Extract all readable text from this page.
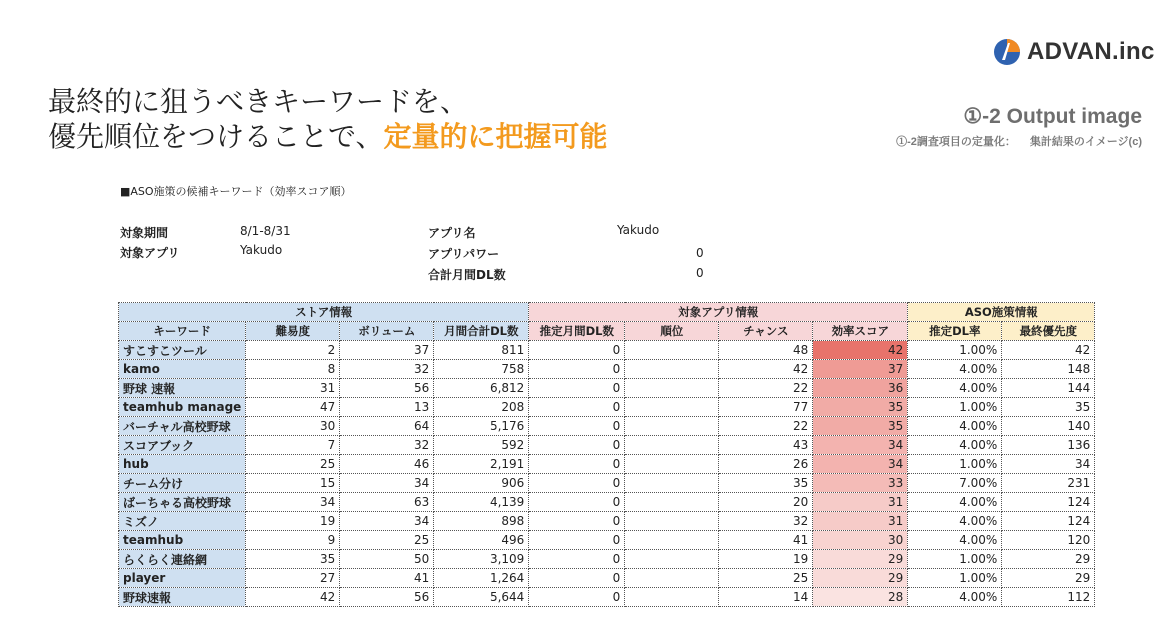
ADVAN.inc
最終的に狙うべきキーワードを、
優先順位をつけることで、定量的に把握可能
①-2 Output image
①-2調査項目の定量化： 集計結果のイメージ(c)
■ASO施策の候補キーワード（効率スコア順）
対象期間	8/1-8/31
対象アプリ	Yakudo
アプリ名	Yakudo
アプリパワー	0
合計月間DL数	0
ストア情報				対象アプリ情報				ASO施策情報	
キーワード	難易度	ボリューム	月間合計DL数	推定月間DL数	順位	チャンス	効率スコア	推定DL率	最終優先度
すこすこツール	2	37	811	0		48	42	1.00%	42
kamo	8	32	758	0		42	37	4.00%	148
野球 速報	31	56	6,812	0		22	36	4.00%	144
teamhub manage	47	13	208	0		77	35	1.00%	35
バーチャル高校野球	30	64	5,176	0		22	35	4.00%	140
スコアブック	7	32	592	0		43	34	4.00%	136
hub	25	46	2,191	0		26	34	1.00%	34
チーム分け	15	34	906	0		35	33	7.00%	231
ばーちゃる高校野球	34	63	4,139	0		20	31	4.00%	124
ミズノ	19	34	898	0		32	31	4.00%	124
teamhub	9	25	496	0		41	30	4.00%	120
らくらく連絡網	35	50	3,109	0		19	29	1.00%	29
player	27	41	1,264	0		25	29	1.00%	29
野球速報	42	56	5,644	0		14	28	4.00%	112
